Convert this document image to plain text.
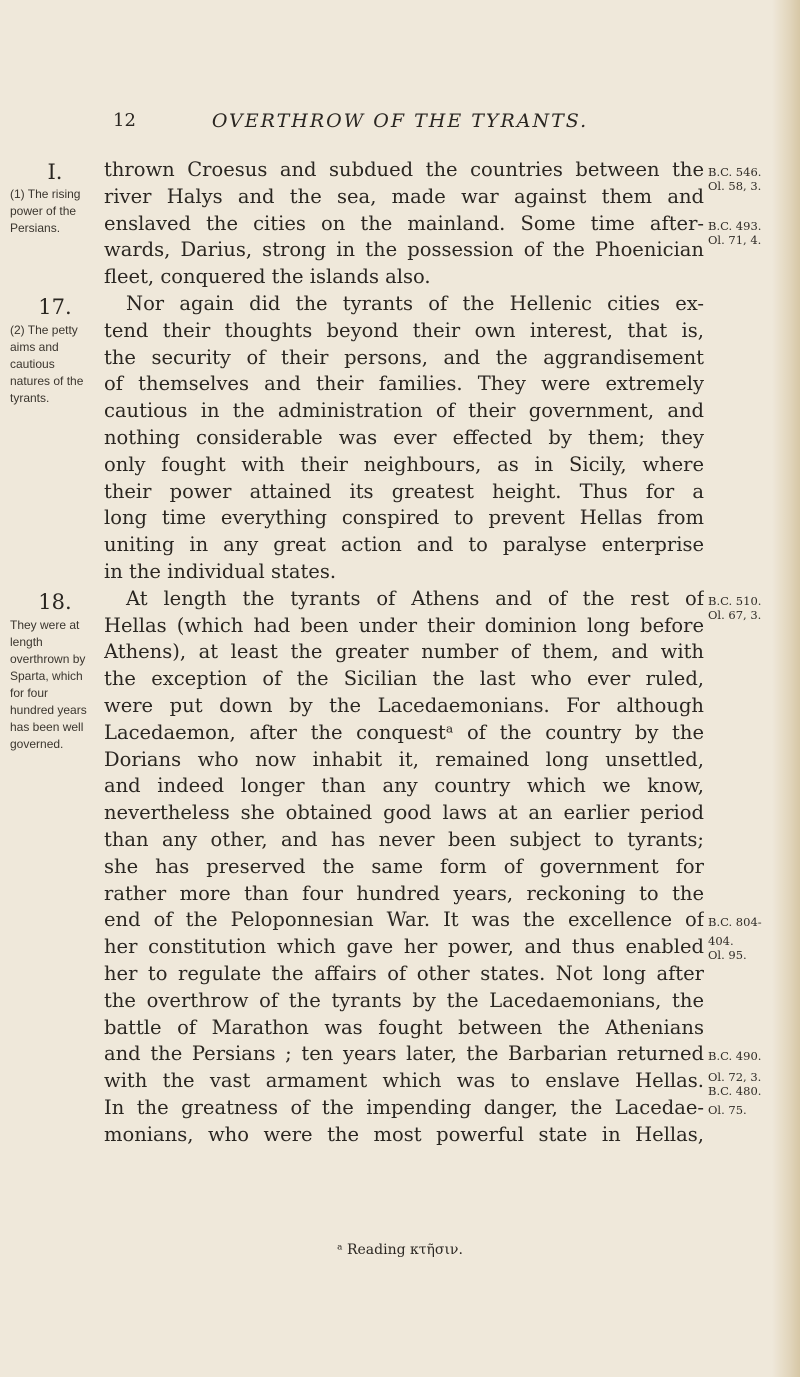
12	OVERTHROW OF THE TYRANTS.
I.
(1) The rising power of the Persians.
17.
(2) The petty aims and cautious natures of the tyrants.
18.
They were at length overthrown by Sparta, which for four hundred years has been well governed.
thrown Croesus and subdued the countries between the
river Halys and the sea, made war against them and
enslaved the cities on the mainland. Some time after-
wards, Darius, strong in the possession of the Phoenician
fleet, conquered the islands also.
Nor again did the tyrants of the Hellenic cities ex-
tend their thoughts beyond their own interest, that is,
the security of their persons, and the aggrandisement
of themselves and their families. They were extremely
cautious in the administration of their government, and
nothing considerable was ever effected by them; they
only fought with their neighbours, as in Sicily, where
their power attained its greatest height. Thus for a
long time everything conspired to prevent Hellas from
uniting in any great action and to paralyse enterprise
in the individual states.
At length the tyrants of Athens and of the rest of
Hellas (which had been under their dominion long before
Athens), at least the greater number of them, and with
the exception of the Sicilian the last who ever ruled,
were put down by the Lacedaemonians. For although
Lacedaemon, after the conquestᵃ of the country by the
Dorians who now inhabit it, remained long unsettled,
and indeed longer than any country which we know,
nevertheless she obtained good laws at an earlier period
than any other, and has never been subject to tyrants;
she has preserved the same form of government for
rather more than four hundred years, reckoning to the
end of the Peloponnesian War. It was the excellence of
her constitution which gave her power, and thus enabled
her to regulate the affairs of other states. Not long after
the overthrow of the tyrants by the Lacedaemonians, the
battle of Marathon was fought between the Athenians
and the Persians ; ten years later, the Barbarian returned
with the vast armament which was to enslave Hellas.
In the greatness of the impending danger, the Lacedae-
monians, who were the most powerful state in Hellas,
B.C. 546.
Ol. 58, 3.
B.C. 493.
Ol. 71, 4.
B.C. 510.
Ol. 67, 3.
B.C. 804-
404.
Ol. 95.
B.C. 490.
Ol. 72, 3.
B.C. 480.
Ol. 75.
ᵃ Reading κτῆσιν.
